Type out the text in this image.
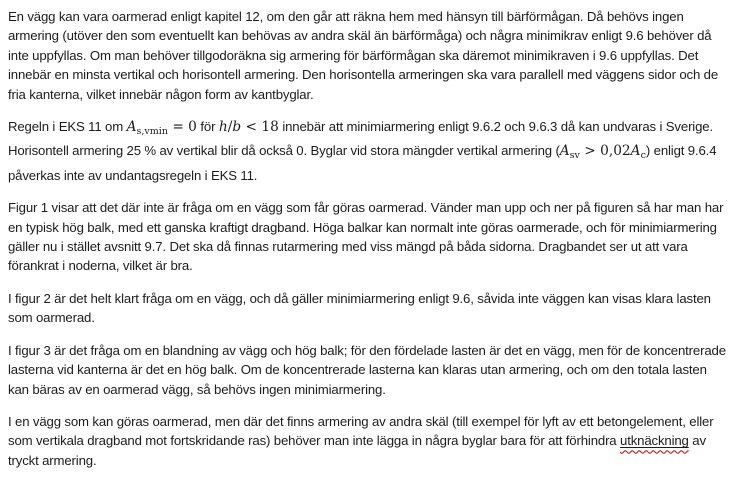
En vägg kan vara oarmerad enligt kapitel 12, om den går att räkna hem med hänsyn till bärförmågan. Då behövs ingen armering (utöver den som eventuellt kan behövas av andra skäl än bärförmåga) och några minimikrav enligt 9.6 behöver då inte uppfyllas. Om man behöver tillgodoräkna sig armering för bärförmågan ska däremot minimikraven i 9.6 uppfyllas. Det innebär en minsta vertikal och horisontell armering. Den horisontella armeringen ska vara parallell med väggens sidor och de fria kanterna, vilket innebär någon form av kantbyglar.

Regeln i EKS 11 om $A_{s,vmin} = 0$ för h/b < 18 innebär att minimiarmering enligt 9.6.2 och 9.6.3 då kan undvaras i Sverige. Horisontell armering 25 % av vertikal blir då också 0. Byglar vid stora mängder vertikal armering $(A_{sv} > 0,02A_c)$ enligt 9.6.4 påverkas inte av undantagsregeln i EKS 11.

Figur 1 visar att det där inte är fråga om en vägg som får göras oarmerad. Vänder man upp och ner på figuren så har man har en typisk hög balk, med ett ganska kraftigt dragband. Höga balkar kan normalt inte göras oarmerade, och för minimiarmering gäller nu i stället avsnitt 9.7. Det ska då finnas rutarmering med viss mängd på båda sidorna. Dragbandet ser ut att vara förankrat i noderna, vilket är bra.

I figur 2 är det helt klart fråga om en vägg, och då gäller minimiarmering enligt 9.6, såvida inte väggen kan visas klara lasten som oarmerad.

I figur 3 är det fråga om en blandning av vägg och hög balk; för den fördelade lasten är det en vägg, men för de koncentrerade lasterna vid kanterna är det en hög balk. Om de koncentrerade lasterna kan klaras utan armering, och om den totala lasten kan bäras av en oarmerad vägg, så behövs ingen minimiarmering.

I en vägg som kan göras oarmerad, men där det finns armering av andra skäl (till exempel för lyft av ett betongelement, eller som vertikala dragband mot fortskridande ras) behöver man inte lägga in några byglar bara för att förhindra utknäckning av tryckt armering.
